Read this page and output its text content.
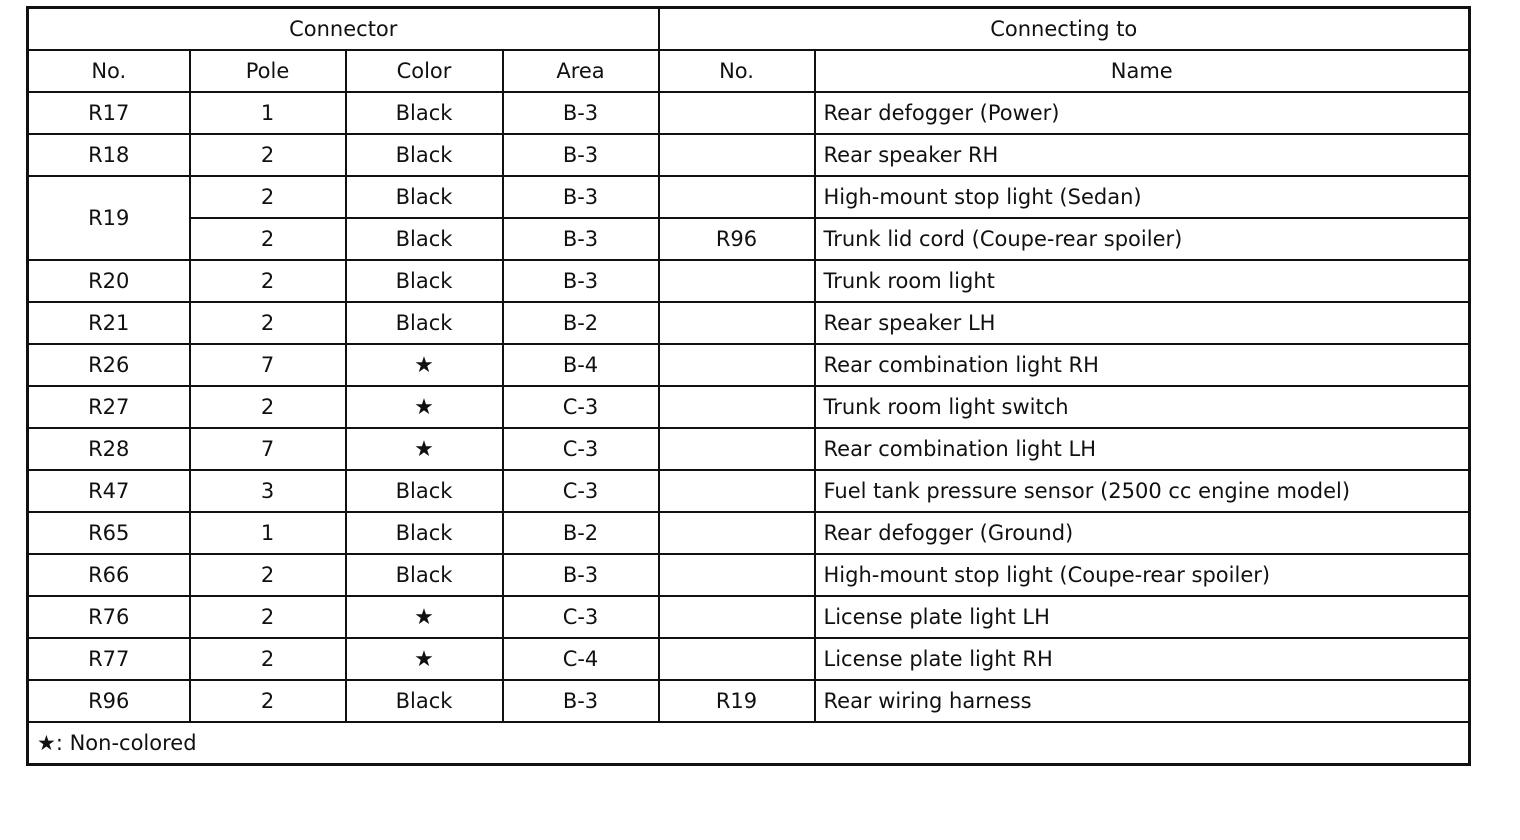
Connector				Connecting to	
No.	Pole	Color	Area	No.	Name
R17	1	Black	B-3		Rear defogger (Power)
R18	2	Black	B-3		Rear speaker RH
R19	2	Black	B-3		High-mount stop light (Sedan)
	2	Black	B-3	R96	Trunk lid cord (Coupe-rear spoiler)
R20	2	Black	B-3		Trunk room light
R21	2	Black	B-2		Rear speaker LH
R26	7	★	B-4		Rear combination light RH
R27	2	★	C-3		Trunk room light switch
R28	7	★	C-3		Rear combination light LH
R47	3	Black	C-3		Fuel tank pressure sensor (2500 cc engine model)
R65	1	Black	B-2		Rear defogger (Ground)
R66	2	Black	B-3		High-mount stop light (Coupe-rear spoiler)
R76	2	★	C-3		License plate light LH
R77	2	★	C-4		License plate light RH
R96	2	Black	B-3	R19	Rear wiring harness
★: Non-colored					
